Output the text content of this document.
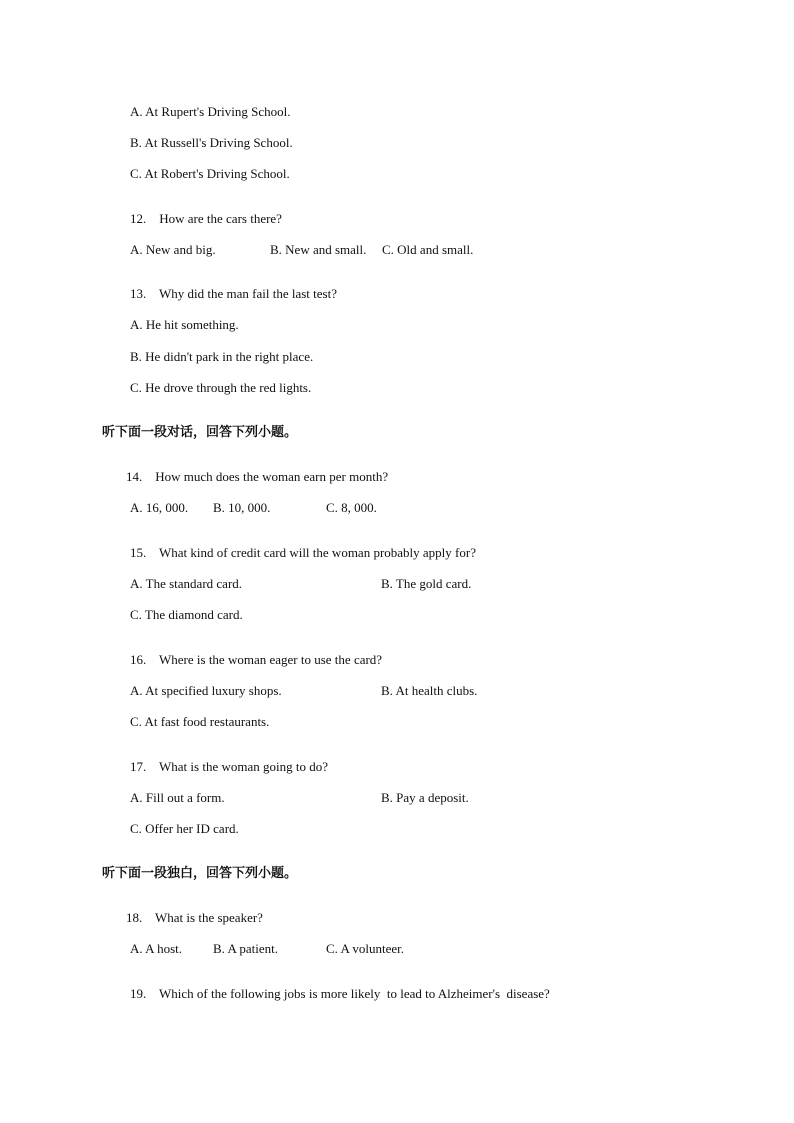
A. At Rupert's Driving School.
B. At Russell's Driving School.
C. At Robert's Driving School.
12.    How are the cars there?
A. New and big.	B. New and small. C. Old and small.
13.    Why did the man fail the last test?
A. He hit something.
B. He didn't park in the right place.
C. He drove through the red lights.
听下面一段对话，回答下列小题。
14.    How much does the woman earn per month?
A. 16, 000. B. 10, 000.	C. 8, 000.
15.    What kind of credit card will the woman probably apply for?
A. The standard card.	B. The gold card.
C. The diamond card.
16.    Where is the woman eager to use the card?
A. At specified luxury shops.	B. At health clubs.
C. At fast food restaurants.
17.    What is the woman going to do?
A. Fill out a form.	B. Pay a deposit.
C. Offer her ID card.
听下面一段独白，回答下列小题。
18.    What is the speaker?
A. A host. B. A patient.	C. A volunteer.
19.    Which of the following jobs is more likely  to lead to Alzheimer's  disease?
